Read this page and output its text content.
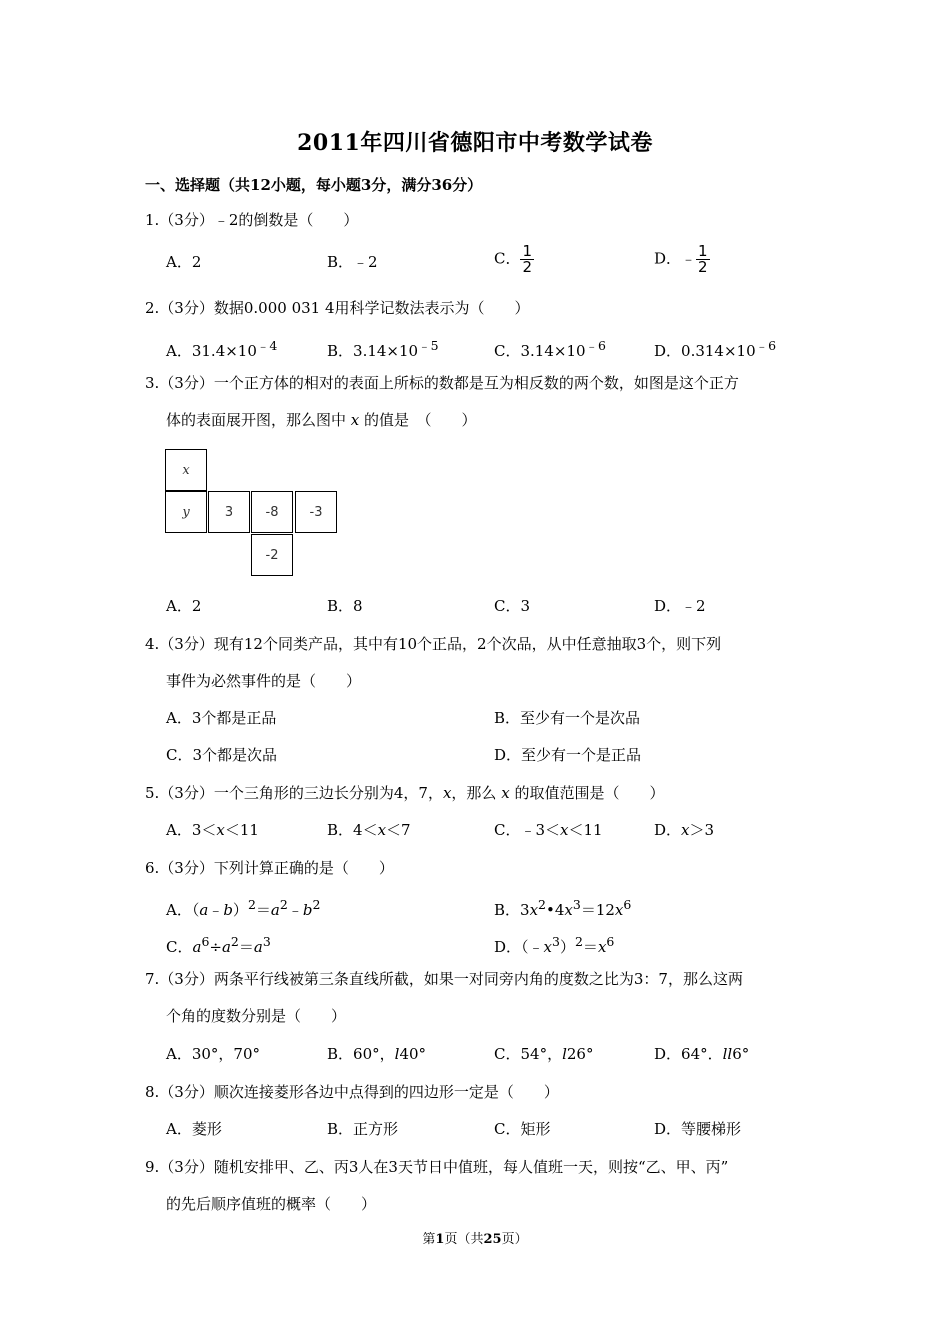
2011年四川省德阳市中考数学试卷
一、选择题（共12小题，每小题3分，满分36分）
1.（3分）﹣2的倒数是（　　）
A．2	B．﹣2	C． $\frac{1}{2}$	D．﹣ $\frac{1}{2}$
2.（3分）数据0.000 031 4用科学记数法表示为（　　）
A．$31.4\times 10^{﹣4}$	B．$3.14\times 10^{﹣5}$	C．$3.14\times 10^{﹣6}$	D．$0.314\times 10^{﹣6}$
3.（3分）一个正方体的相对的表面上所标的数都是互为相反数的两个数，如图是这个正方
体的表面展开图，那么图中 x 的值是　（　　）
x
y	3	-8	-3
-2
A．2	B．8	C．3	D．﹣2
4.（3分）现有12个同类产品，其中有10个正品，2个次品，从中任意抽取3个，则下列
事件为必然事件的是（　　）
A．3个都是正品	B．至少有一个是次品
C．3个都是次品	D．至少有一个是正品
5.（3分）一个三角形的三边长分别为4，7，x，那么 x 的取值范围是（　　）
A．3＜x＜11	B．4＜x＜7	C．﹣3＜x＜11	D．x＞3
6.（3分）下列计算正确的是（　　）
A．$(a﹣b)^2=a^2﹣b^2$	B．$3x^2•4x^3=12x^6$
C．$a^6\div a^2=a^3$	D．$(﹣x^3)^2=x^6$
7.（3分）两条平行线被第三条直线所截，如果一对同旁内角的度数之比为3：7，那么这两
个角的度数分别是（　　）
A．30°，70°	B．60°，l40°	C．54°，l26°	D．64°．ll6°
8.（3分）顺次连接菱形各边中点得到的四边形一定是（　　）
A．菱形	B．正方形	C．矩形	D．等腰梯形
9.（3分）随机安排甲、乙、丙3人在3天节日中值班，每人值班一天，则按“乙、甲、丙”
的先后顺序值班的概率（　　）
第1页（共25页）
